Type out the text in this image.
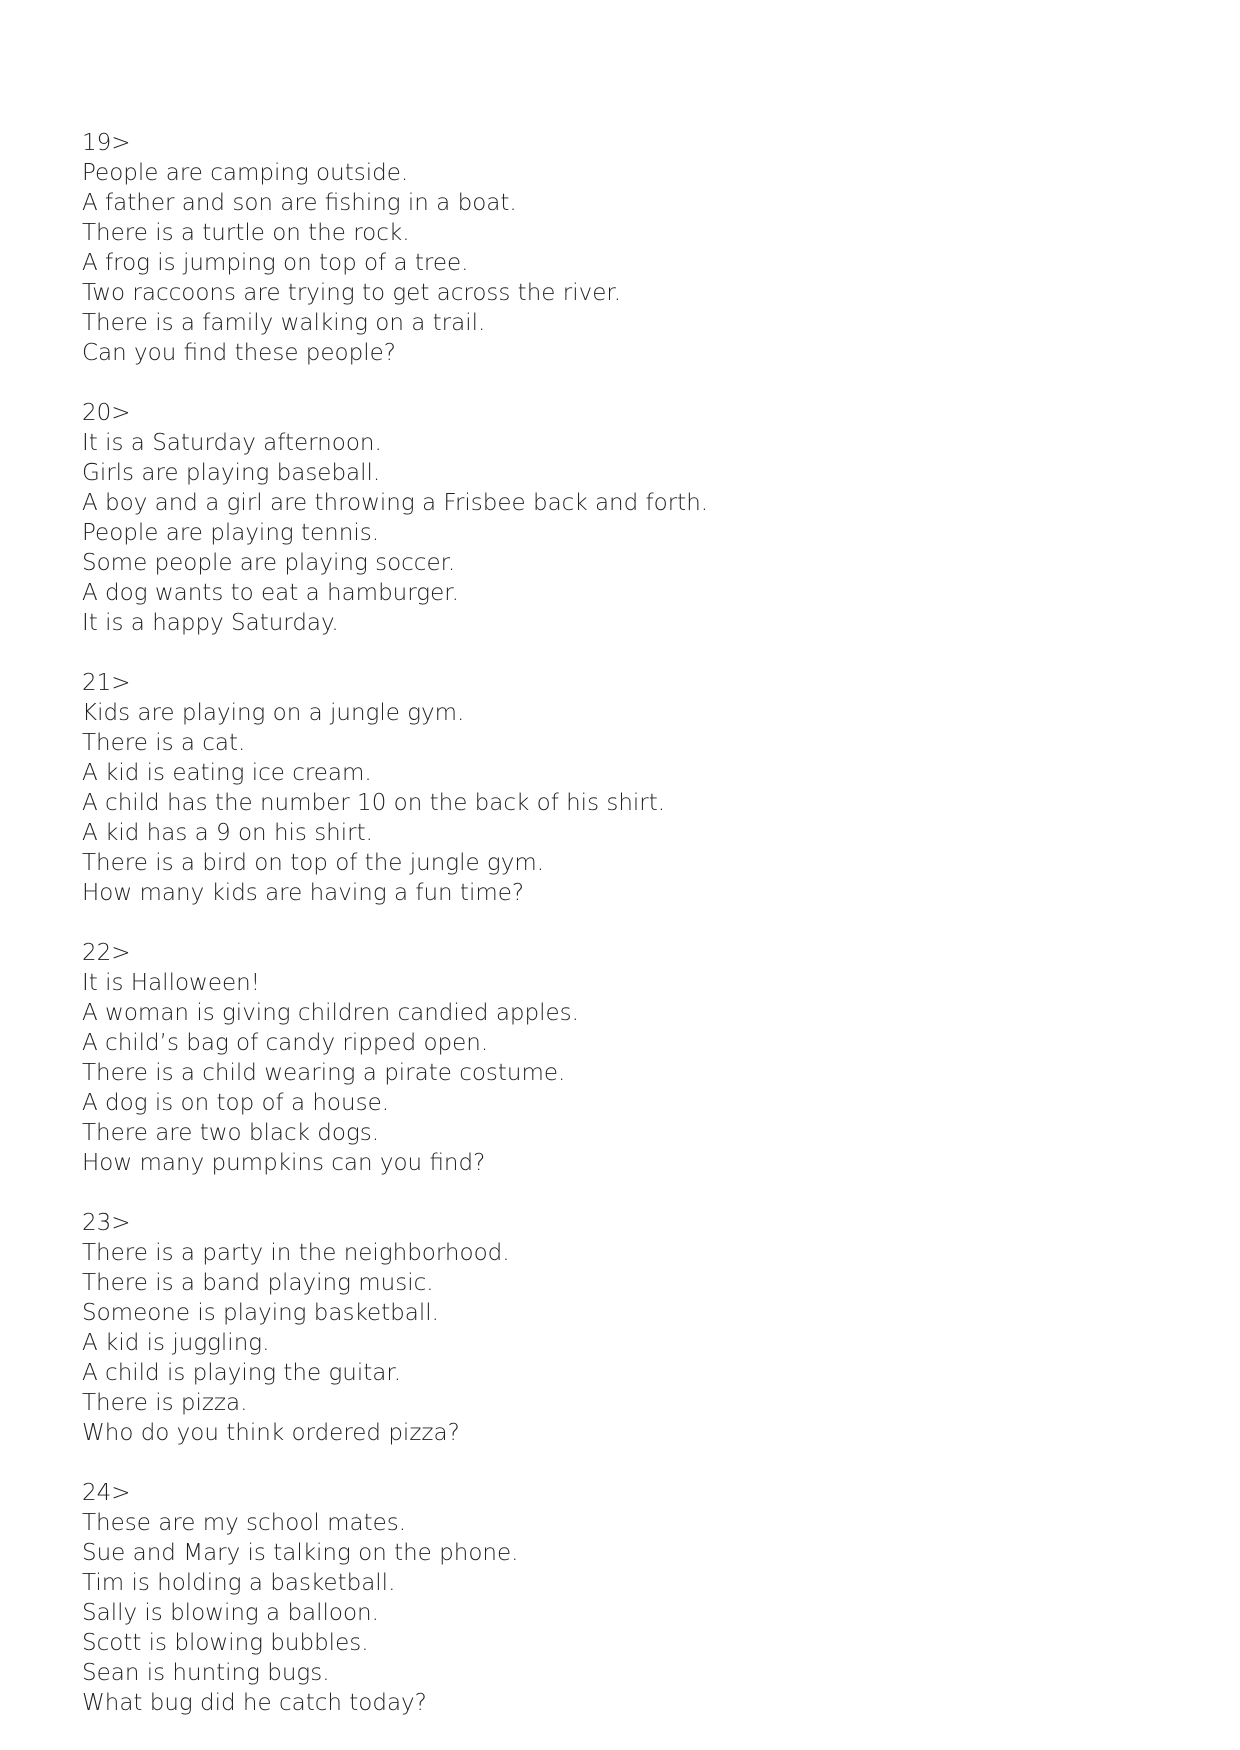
19>
People are camping outside.
A father and son are fishing in a boat.
There is a turtle on the rock.
A frog is jumping on top of a tree.
Two raccoons are trying to get across the river.
There is a family walking on a trail.
Can you find these people?
20>
It is a Saturday afternoon.
Girls are playing baseball.
A boy and a girl are throwing a Frisbee back and forth.
People are playing tennis.
Some people are playing soccer.
A dog wants to eat a hamburger.
It is a happy Saturday.
21>
Kids are playing on a jungle gym.
There is a cat.
A kid is eating ice cream.
A child has the number 10 on the back of his shirt.
A kid has a 9 on his shirt.
There is a bird on top of the jungle gym.
How many kids are having a fun time?
22>
It is Halloween!
A woman is giving children candied apples.
A child’s bag of candy ripped open.
There is a child wearing a pirate costume.
A dog is on top of a house.
There are two black dogs.
How many pumpkins can you find?
23>
There is a party in the neighborhood.
There is a band playing music.
Someone is playing basketball.
A kid is juggling.
A child is playing the guitar.
There is pizza.
Who do you think ordered pizza?
24>
These are my school mates.
Sue and Mary is talking on the phone.
Tim is holding a basketball.
Sally is blowing a balloon.
Scott is blowing bubbles.
Sean is hunting bugs.
What bug did he catch today?
